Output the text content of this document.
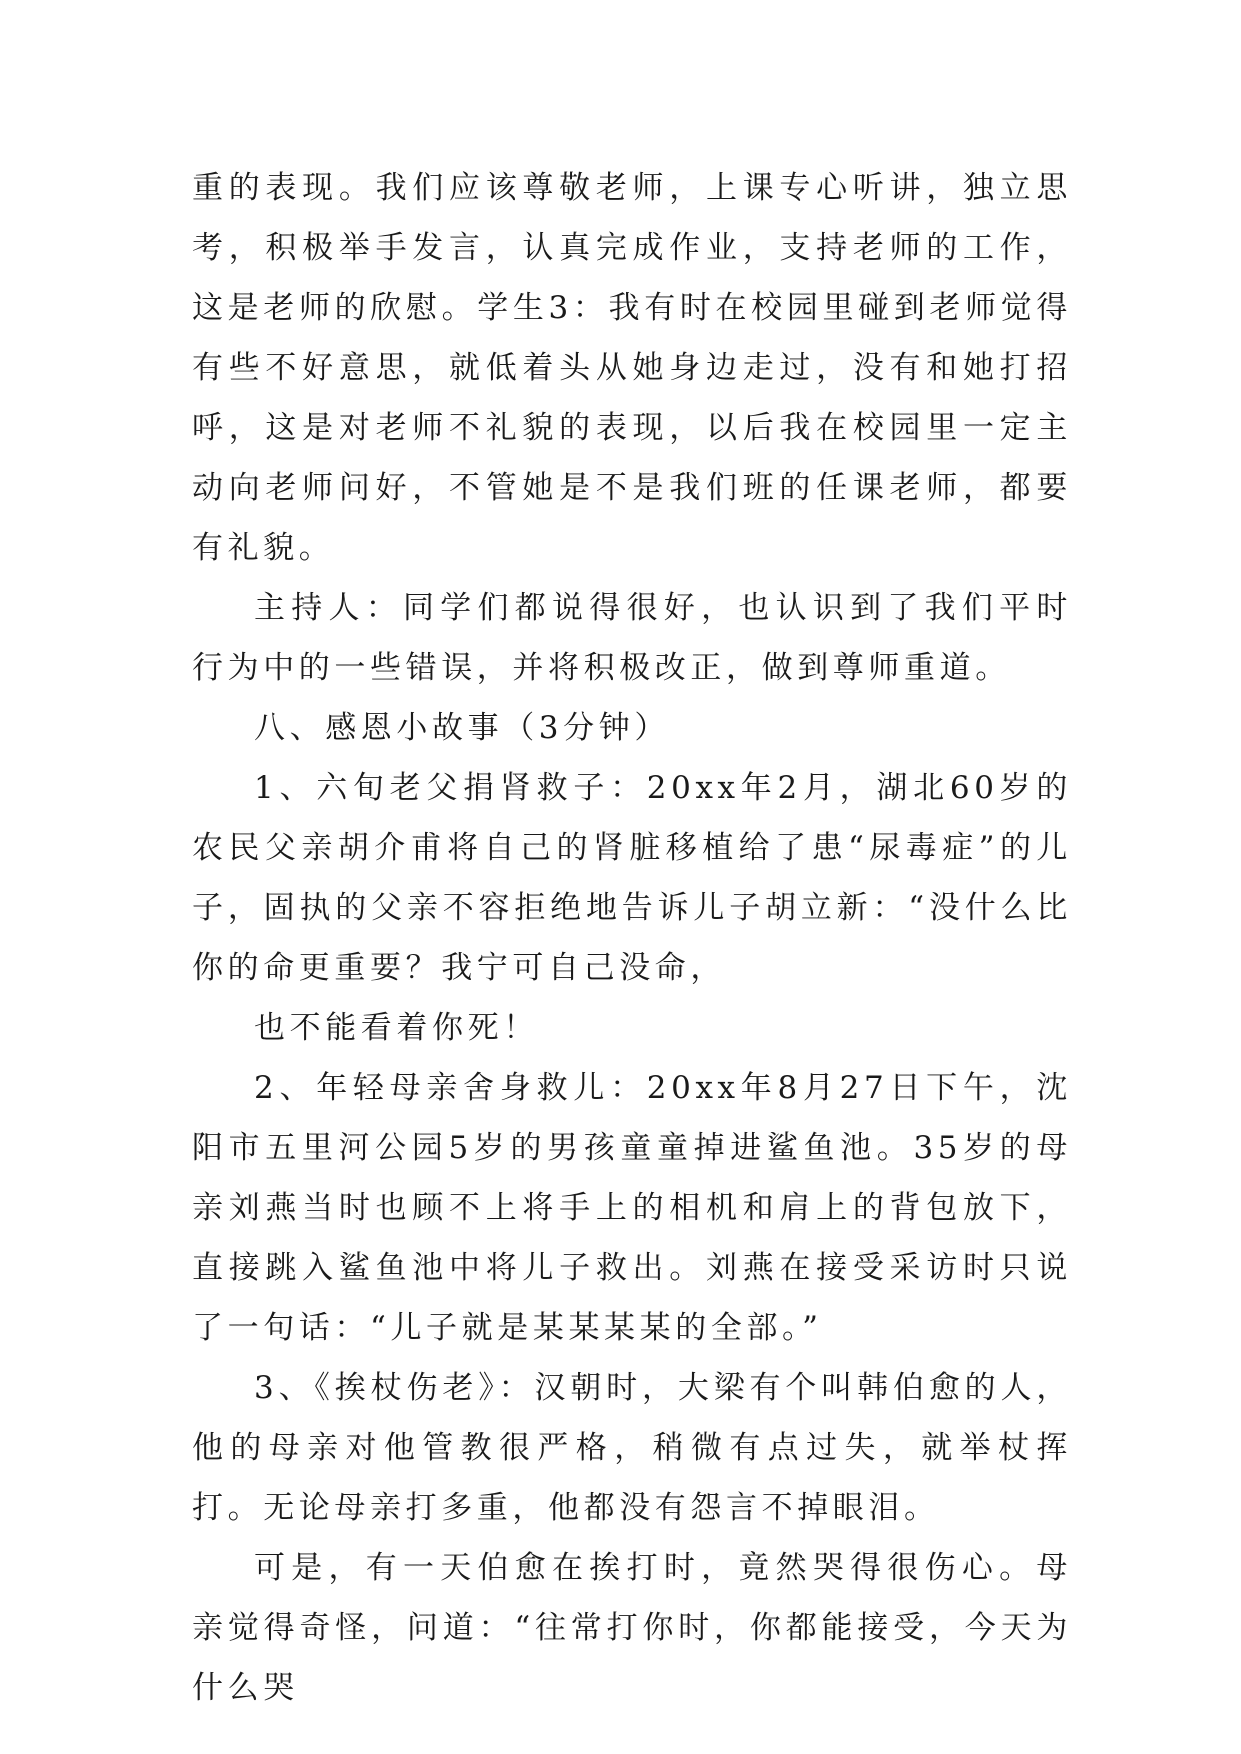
重的表现。我们应该尊敬老师，上课专心听讲，独立思考，积极举手发言，认真完成作业，支持老师的工作，这是老师的欣慰。学生3：我有时在校园里碰到老师觉得有些不好意思，就低着头从她身边走过，没有和她打招呼，这是对老师不礼貌的表现，以后我在校园里一定主动向老师问好，不管她是不是我们班的任课老师，都要有礼貌。

主持人：同学们都说得很好，也认识到了我们平时行为中的一些错误，并将积极改正，做到尊师重道。

八、感恩小故事（3分钟）

1、六旬老父捐肾救子：20xx年2月，湖北60岁的农民父亲胡介甫将自己的肾脏移植给了患“尿毒症”的儿子，固执的父亲不容拒绝地告诉儿子胡立新：“没什么比你的命更重要？我宁可自己没命，

也不能看着你死！

2、年轻母亲舍身救儿：20xx年8月27日下午，沈阳市五里河公园5岁的男孩童童掉进鲨鱼池。35岁的母亲刘燕当时也顾不上将手上的相机和肩上的背包放下，直接跳入鲨鱼池中将儿子救出。刘燕在接受采访时只说了一句话：“儿子就是某某某某的全部。”

3、《挨杖伤老》：汉朝时，大梁有个叫韩伯愈的人，他的母亲对他管教很严格，稍微有点过失，就举杖挥打。无论母亲打多重，他都没有怨言不掉眼泪。

可是，有一天伯愈在挨打时，竟然哭得很伤心。母亲觉得奇怪，问道：“往常打你时，你都能接受，今天为什么哭
